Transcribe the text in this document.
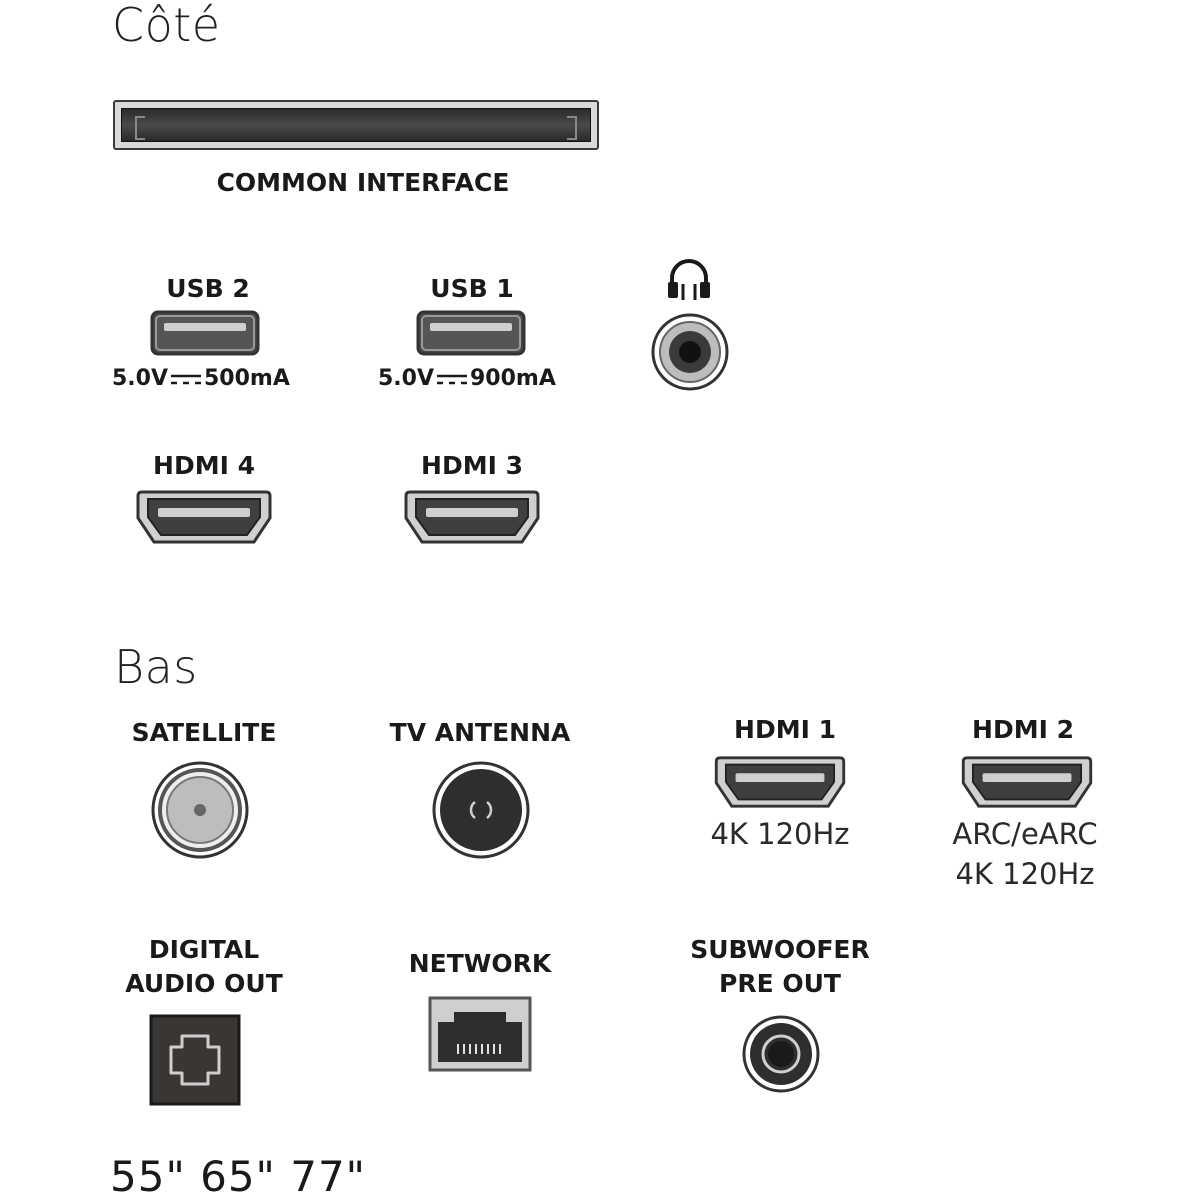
Côté
COMMON INTERFACE
USB 2
5.0V 500mA
USB 1
5.0V 900mA
HDMI 4	HDMI 3
Bas
SATELLITE	TV ANTENNA	HDMI 1
4K 120Hz
HDMI 2
ARC/eARC
4K 120Hz
DIGITAL
AUDIO OUT
NETWORK	SUBWOOFER
PRE OUT
55" 65" 77"
